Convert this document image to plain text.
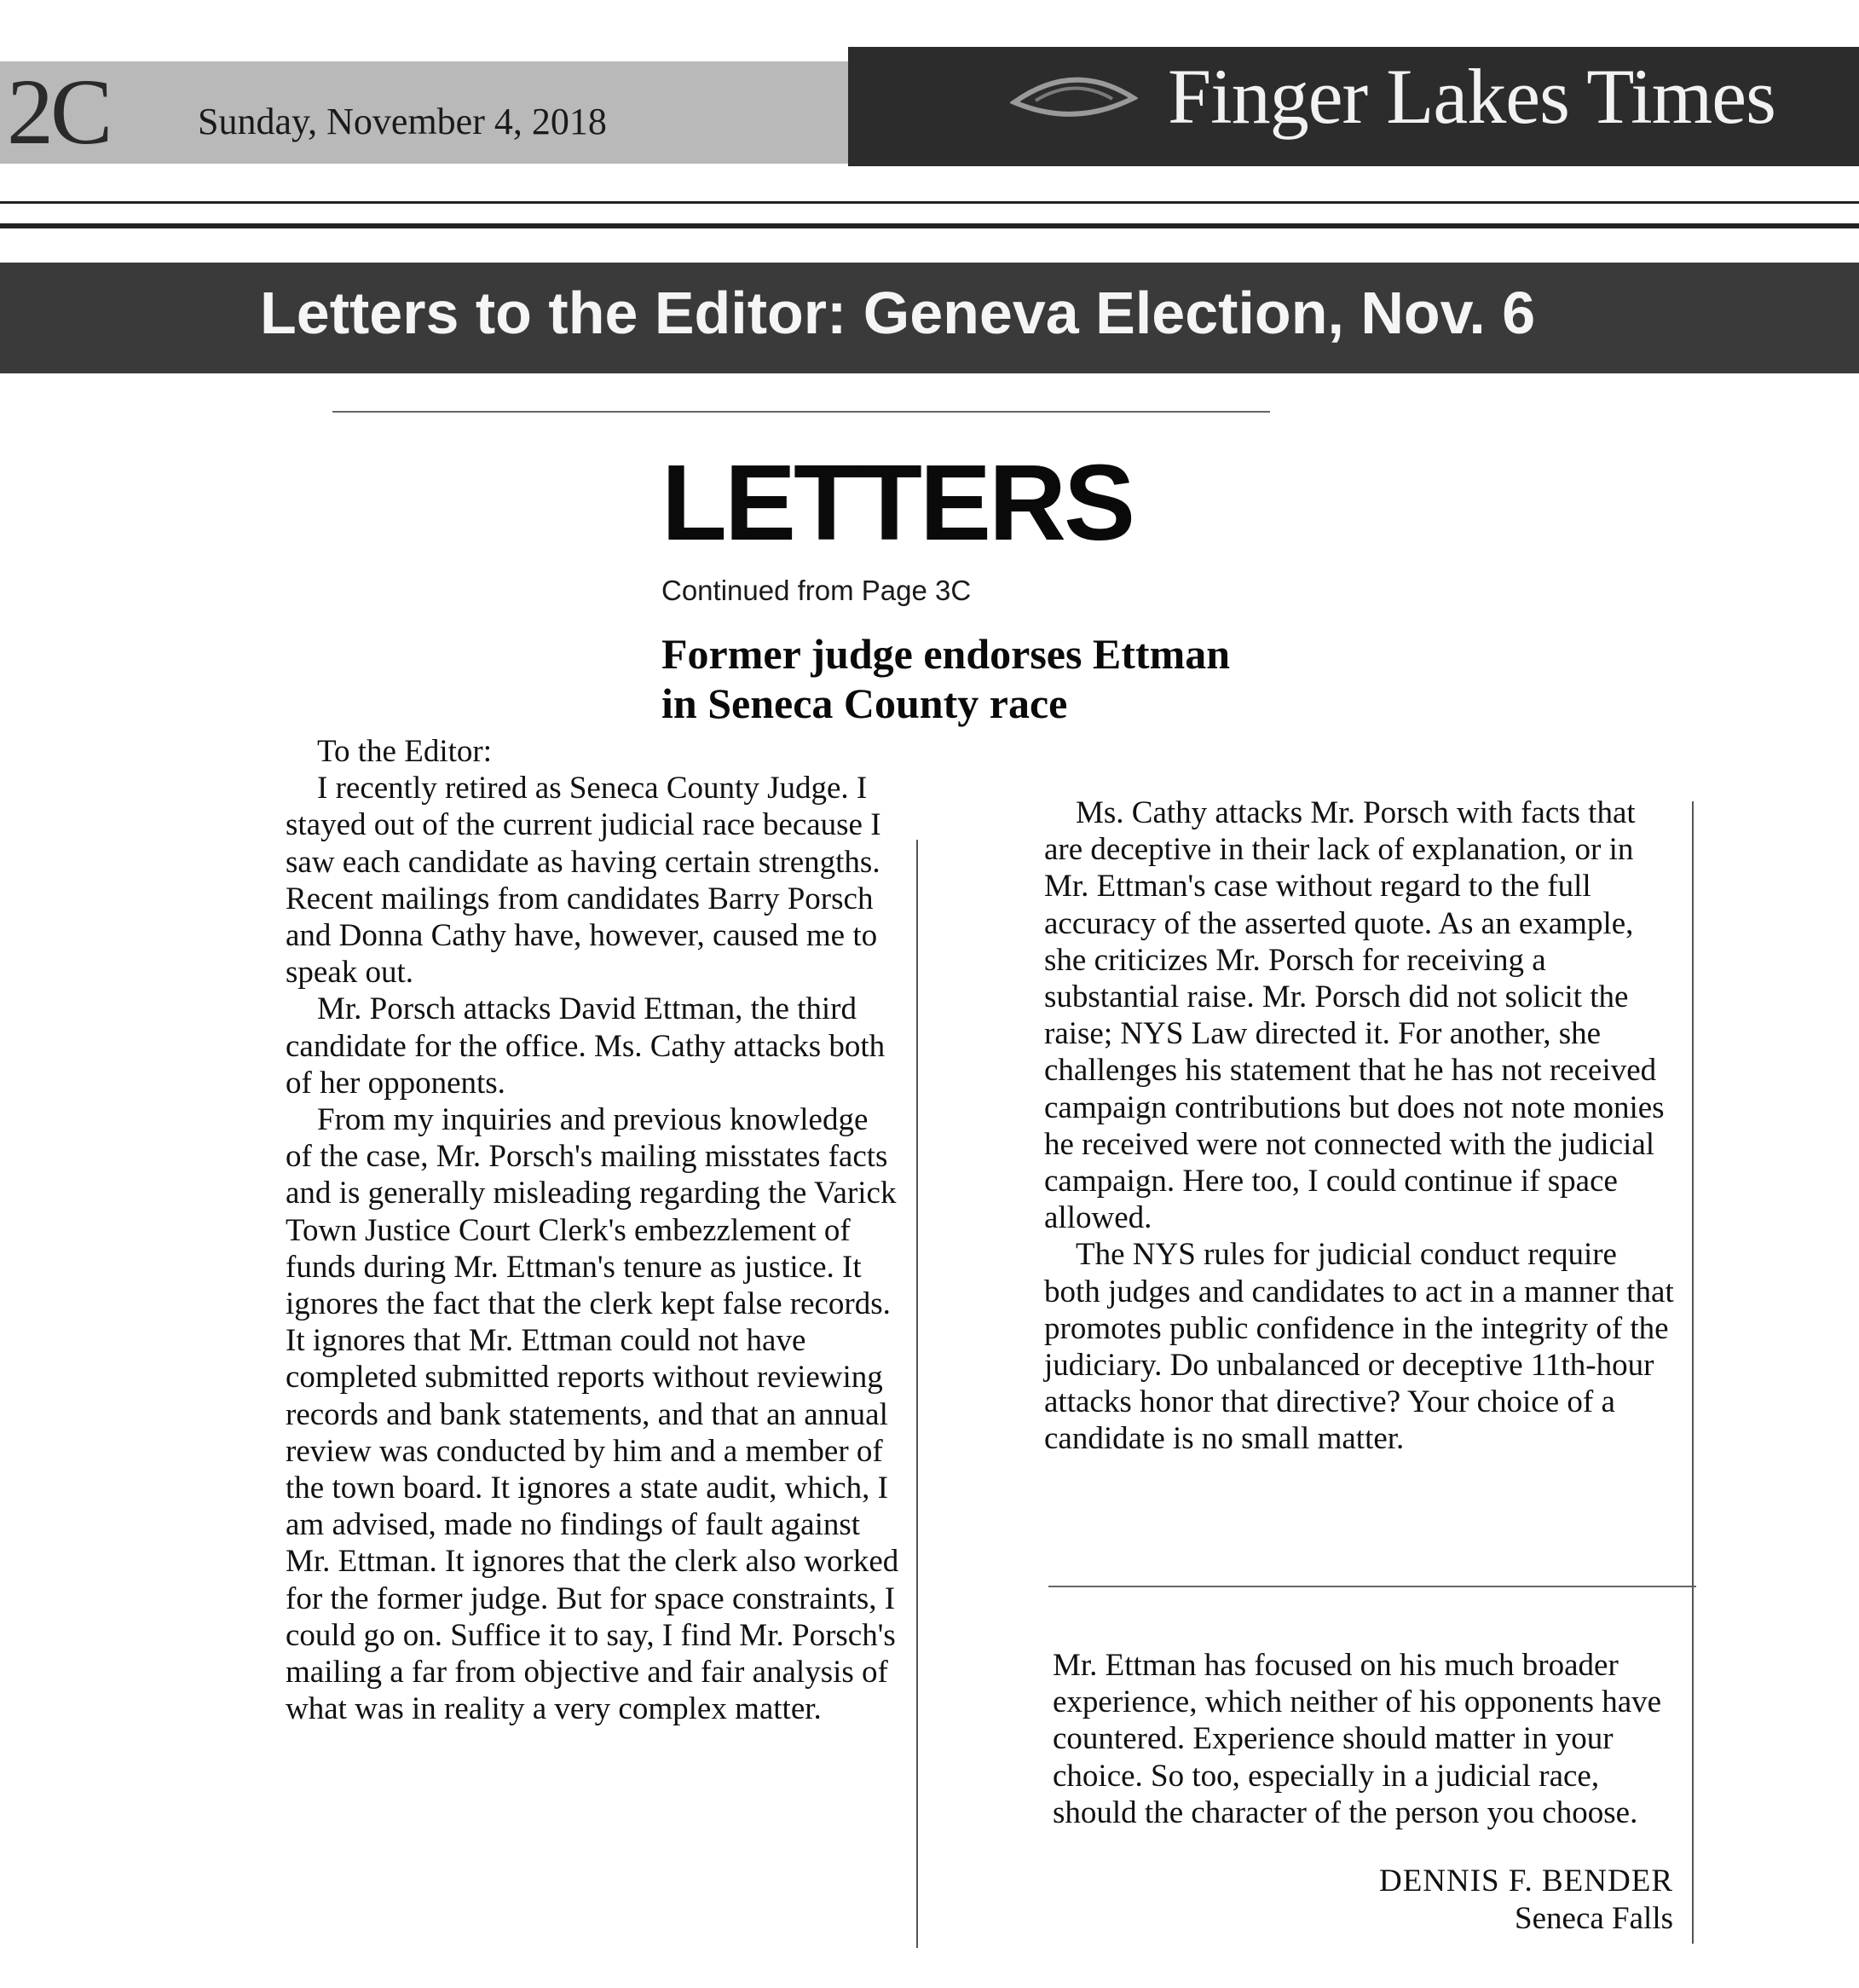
2C Sunday, November 4, 2018	Finger Lakes Times
Letters to the Editor: Geneva Election, Nov. 6
LETTERS
Continued from Page 3C
Former judge endorses Ettman
in Seneca County race

To the Editor:

I recently retired as Seneca County Judge. I stayed out of the current judicial race because I saw each candidate as having certain strengths. Recent mailings from candidates Barry Porsch and Donna Cathy have, however, caused me to speak out.

Mr. Porsch attacks David Ettman, the third candidate for the office. Ms. Cathy attacks both of her opponents.

From my inquiries and previous knowledge of the case, Mr. Porsch's mailing misstates facts and is generally misleading regarding the Varick Town Justice Court Clerk's embezzlement of funds during Mr. Ettman's tenure as justice. It ignores the fact that the clerk kept false records. It ignores that Mr. Ettman could not have completed submitted reports without reviewing records and bank statements, and that an annual review was conducted by him and a member of the town board. It ignores a state audit, which, I am advised, made no findings of fault against Mr. Ettman. It ignores that the clerk also worked for the former judge. But for space constraints, I could go on. Suffice it to say, I find Mr. Porsch's mailing a far from objective and fair analysis of what was in reality a very complex matter.

Ms. Cathy attacks Mr. Porsch with facts that are deceptive in their lack of explanation, or in Mr. Ettman's case without regard to the full accuracy of the asserted quote. As an example, she criticizes Mr. Porsch for receiving a substantial raise. Mr. Porsch did not solicit the raise; NYS Law directed it. For another, she challenges his statement that he has not received campaign contributions but does not note monies he received were not connected with the judicial campaign. Here too, I could continue if space allowed.

The NYS rules for judicial conduct require both judges and candidates to act in a manner that promotes public confidence in the integrity of the judiciary. Do unbalanced or deceptive 11th-hour attacks honor that directive? Your choice of a candidate is no small matter.

Mr. Ettman has focused on his much broader experience, which neither of his opponents have countered. Experience should matter in your choice. So too, especially in a judicial race, should the character of the person you choose.

DENNIS F. BENDER
Seneca Falls
